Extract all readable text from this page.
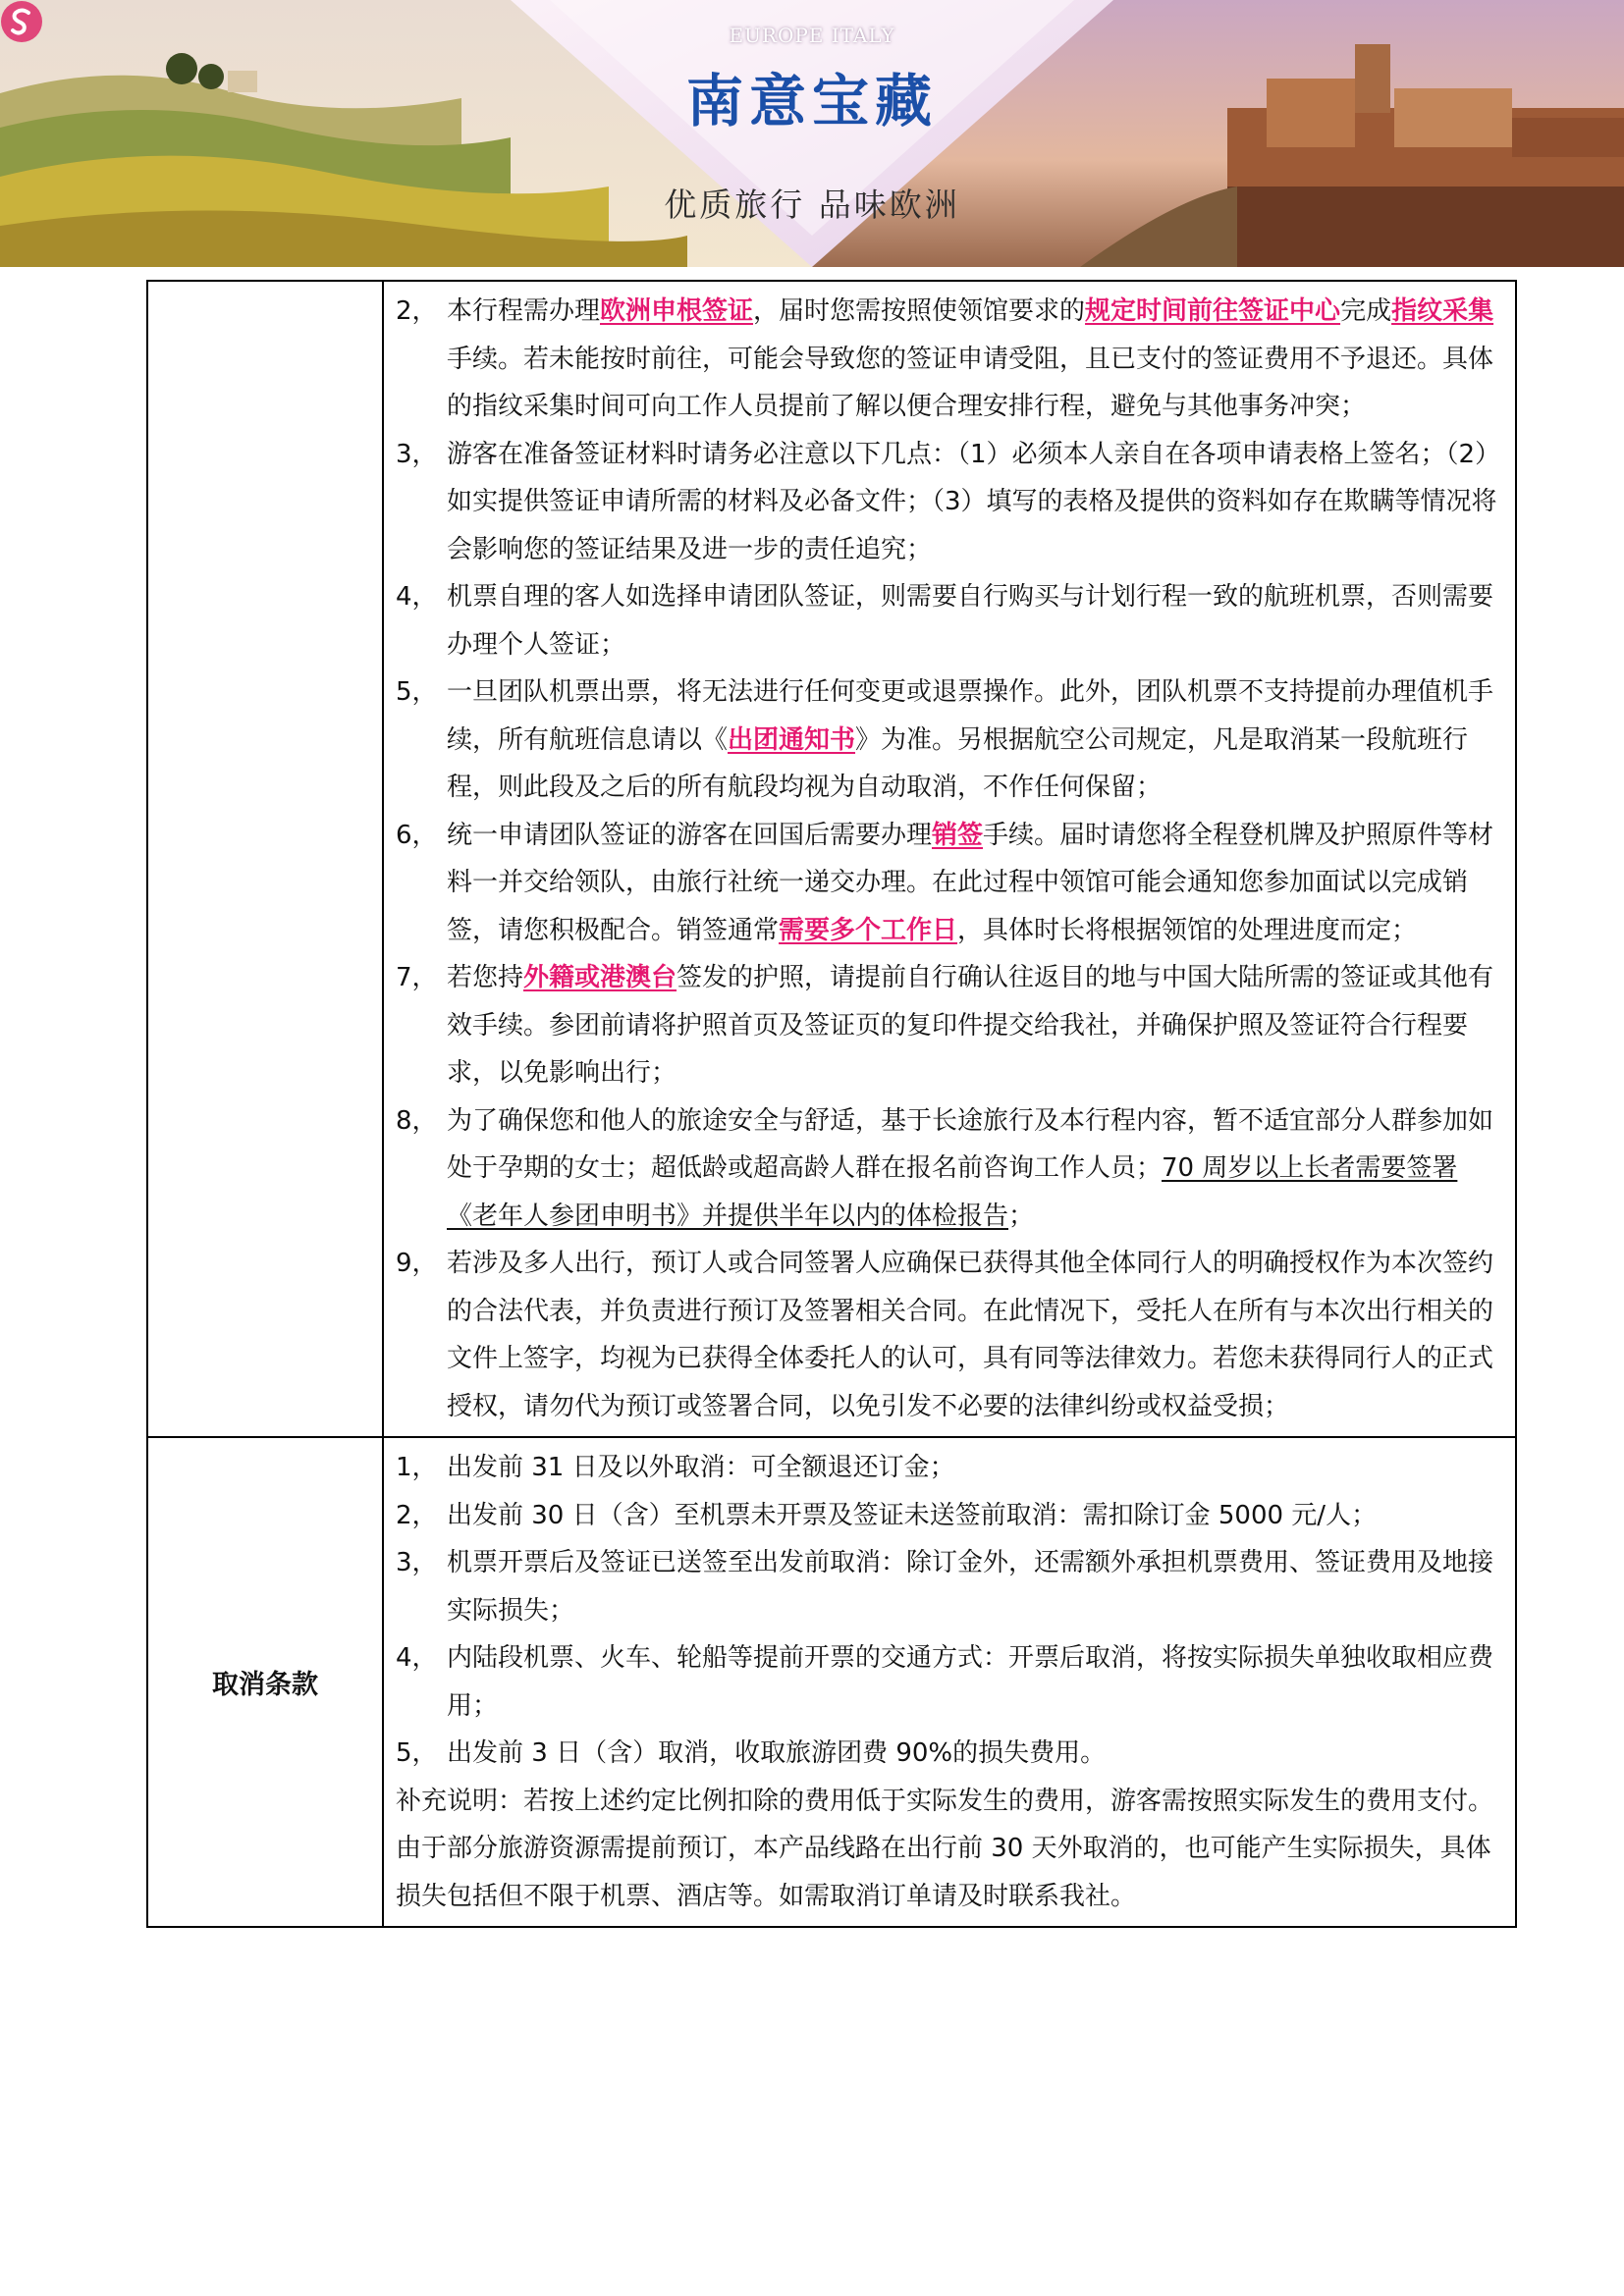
EUROPE ITALY
南意宝藏
优质旅行 品味欧洲
2， 本行程需办理欧洲申根签证，届时您需按照使领馆要求的规定时间前往签证中心完成指纹采集手续。若未能按时前往，可能会导致您的签证申请受阻，且已支付的签证费用不予退还。具体的指纹采集时间可向工作人员提前了解以便合理安排行程，避免与其他事务冲突；
3， 游客在准备签证材料时请务必注意以下几点：（1）必须本人亲自在各项申请表格上签名；（2）如实提供签证申请所需的材料及必备文件；（3）填写的表格及提供的资料如存在欺瞒等情况将会影响您的签证结果及进一步的责任追究；
4， 机票自理的客人如选择申请团队签证，则需要自行购买与计划行程一致的航班机票，否则需要办理个人签证；
5， 一旦团队机票出票，将无法进行任何变更或退票操作。此外，团队机票不支持提前办理值机手续，所有航班信息请以《出团通知书》为准。另根据航空公司规定，凡是取消某一段航班行程，则此段及之后的所有航段均视为自动取消，不作任何保留；
6， 统一申请团队签证的游客在回国后需要办理销签手续。届时请您将全程登机牌及护照原件等材料一并交给领队，由旅行社统一递交办理。在此过程中领馆可能会通知您参加面试以完成销签，请您积极配合。销签通常需要多个工作日，具体时长将根据领馆的处理进度而定；
7， 若您持外籍或港澳台签发的护照，请提前自行确认往返目的地与中国大陆所需的签证或其他有效手续。参团前请将护照首页及签证页的复印件提交给我社，并确保护照及签证符合行程要求，以免影响出行；
8， 为了确保您和他人的旅途安全与舒适，基于长途旅行及本行程内容，暂不适宜部分人群参加如处于孕期的女士；超低龄或超高龄人群在报名前咨询工作人员；70 周岁以上长者需要签署《老年人参团申明书》并提供半年以内的体检报告；
9， 若涉及多人出行，预订人或合同签署人应确保已获得其他全体同行人的明确授权作为本次签约的合法代表，并负责进行预订及签署相关合同。在此情况下，受托人在所有与本次出行相关的文件上签字，均视为已获得全体委托人的认可，具有同等法律效力。若您未获得同行人的正式授权，请勿代为预订或签署合同，以免引发不必要的法律纠纷或权益受损；
取消条款
1， 出发前 31 日及以外取消：可全额退还订金；
2， 出发前 30 日（含）至机票未开票及签证未送签前取消：需扣除订金 5000 元/人；
3， 机票开票后及签证已送签至出发前取消：除订金外，还需额外承担机票费用、签证费用及地接实际损失；
4， 内陆段机票、火车、轮船等提前开票的交通方式：开票后取消，将按实际损失单独收取相应费用；
5， 出发前 3 日（含）取消，收取旅游团费 90%的损失费用。
补充说明：若按上述约定比例扣除的费用低于实际发生的费用，游客需按照实际发生的费用支付。由于部分旅游资源需提前预订，本产品线路在出行前 30 天外取消的，也可能产生实际损失，具体损失包括但不限于机票、酒店等。如需取消订单请及时联系我社。
